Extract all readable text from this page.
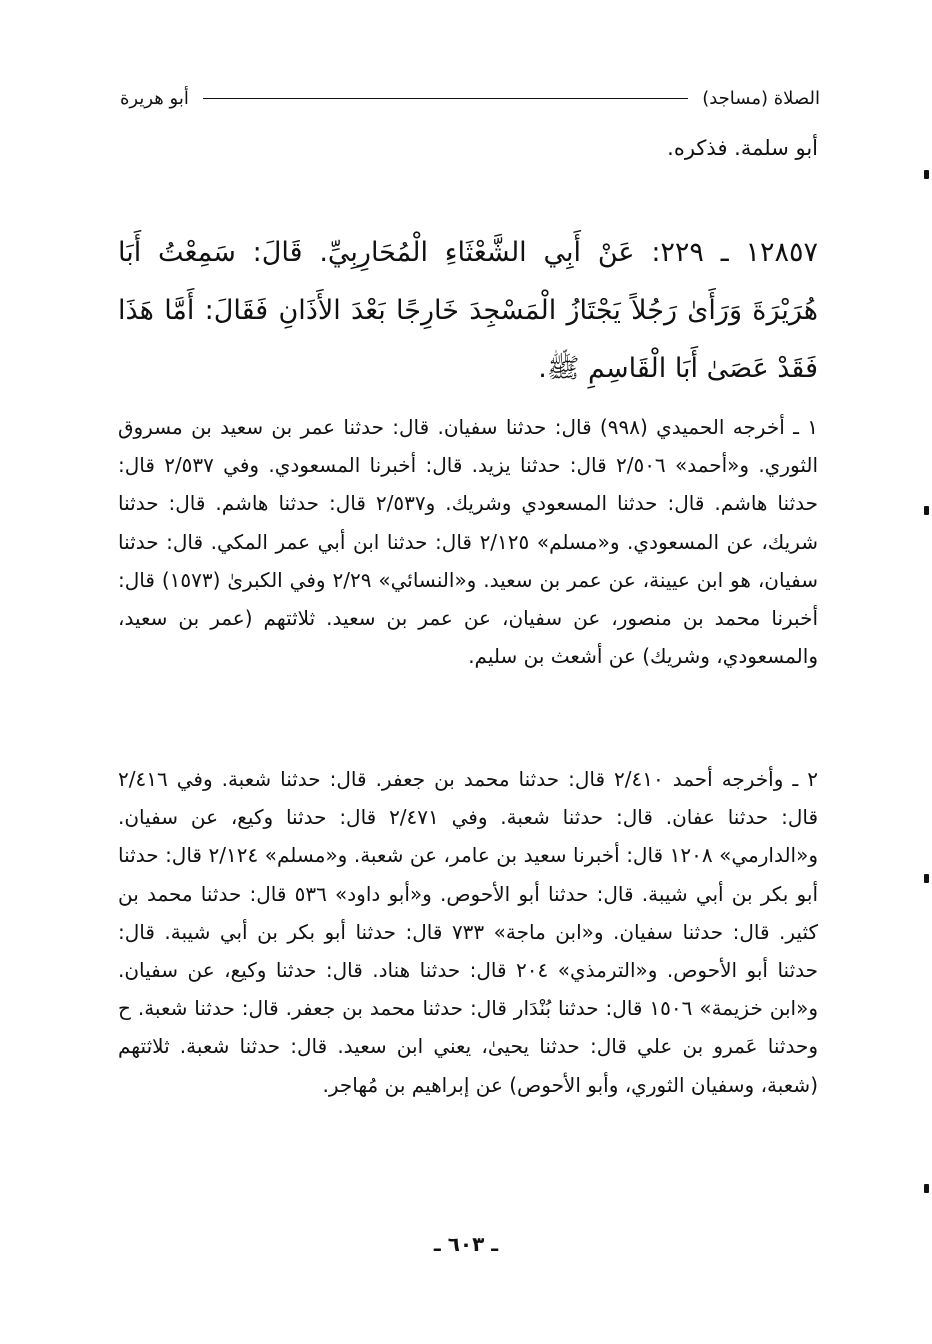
الصلاة (مساجد)
أبو هريرة
أبو سلمة. فذكره.
١٢٨٥٧ ـ ٢٢٩: عَنْ أَبِي الشَّعْثَاءِ الْمُحَارِبِيِّ. قَالَ: سَمِعْتُ أَبَا هُرَيْرَةَ وَرَأَىٰ رَجُلاً يَجْتَازُ الْمَسْجِدَ خَارِجًا بَعْدَ الأَذَانِ فَقَالَ: أَمَّا هَذَا فَقَدْ عَصَىٰ أَبَا الْقَاسِمِ ﷺ.

١ ـ أخرجه الحميدي (٩٩٨) قال: حدثنا سفيان. قال: حدثنا عمر بن سعيد بن مسروق الثوري. و«أحمد» ٢/٥٠٦ قال: حدثنا يزيد. قال: أخبرنا المسعودي. وفي ٢/٥٣٧ قال: حدثنا هاشم. قال: حدثنا المسعودي وشريك. و٢/٥٣٧ قال: حدثنا هاشم. قال: حدثنا شريك، عن المسعودي. و«مسلم» ٢/١٢٥ قال: حدثنا ابن أبي عمر المكي. قال: حدثنا سفيان، هو ابن عيينة، عن عمر بن سعيد. و«النسائي» ٢/٢٩ وفي الكبرىٰ (١٥٧٣) قال: أخبرنا محمد بن منصور، عن سفيان، عن عمر بن سعيد. ثلاثتهم (عمر بن سعيد، والمسعودي، وشريك) عن أشعث بن سليم.

٢ ـ وأخرجه أحمد ٢/٤١٠ قال: حدثنا محمد بن جعفر. قال: حدثنا شعبة. وفي ٢/٤١٦ قال: حدثنا عفان. قال: حدثنا شعبة. وفي ٢/٤٧١ قال: حدثنا وكيع، عن سفيان. و«الدارمي» ١٢٠٨ قال: أخبرنا سعيد بن عامر، عن شعبة. و«مسلم» ٢/١٢٤ قال: حدثنا أبو بكر بن أبي شيبة. قال: حدثنا أبو الأحوص. و«أبو داود» ٥٣٦ قال: حدثنا محمد بن كثير. قال: حدثنا سفيان. و«ابن ماجة» ٧٣٣ قال: حدثنا أبو بكر بن أبي شيبة. قال: حدثنا أبو الأحوص. و«الترمذي» ٢٠٤ قال: حدثنا هناد. قال: حدثنا وكيع، عن سفيان. و«ابن خزيمة» ١٥٠٦ قال: حدثنا بُنْدَار قال: حدثنا محمد بن جعفر. قال: حدثنا شعبة. ح وحدثنا عَمرو بن علي قال: حدثنا يحيىٰ، يعني ابن سعيد. قال: حدثنا شعبة. ثلاثتهم (شعبة، وسفيان الثوري، وأبو الأحوص) عن إبراهيم بن مُهاجر.

ـ ٦٠٣ ـ
